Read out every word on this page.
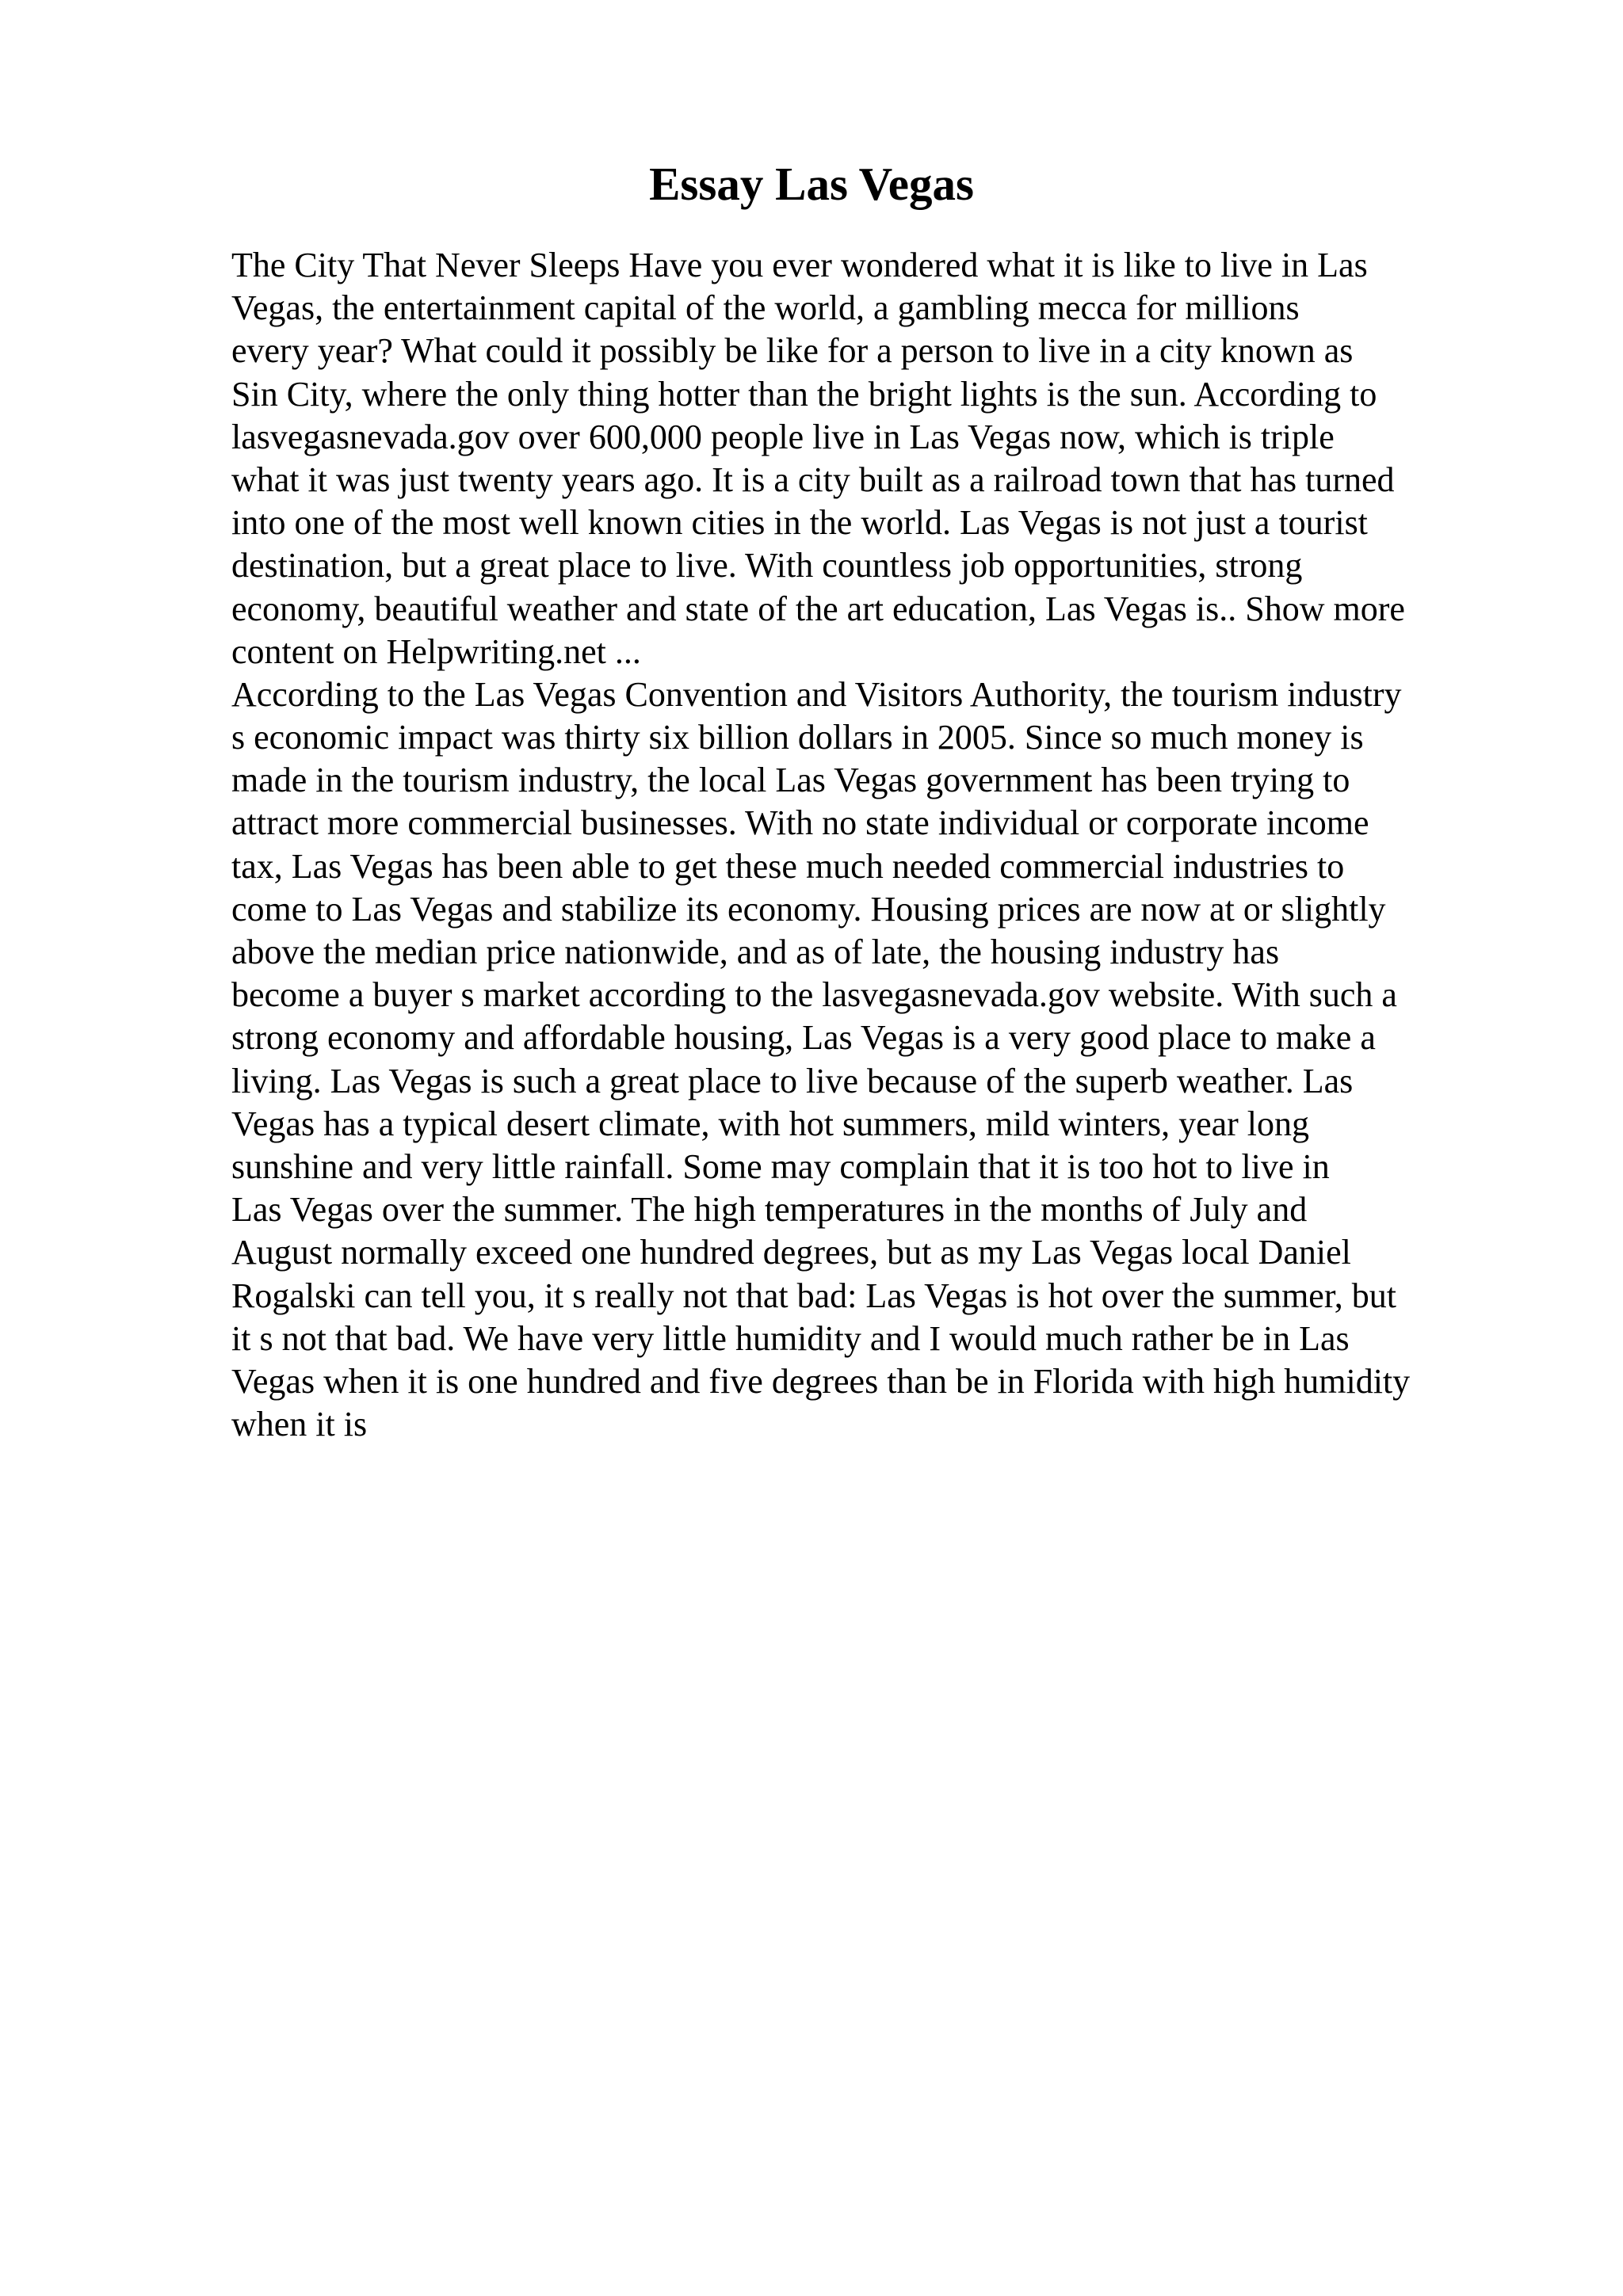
Essay Las Vegas
The City That Never Sleeps Have you ever wondered what it is like to live in Las
Vegas, the entertainment capital of the world, a gambling mecca for millions
every year? What could it possibly be like for a person to live in a city known as
Sin City, where the only thing hotter than the bright lights is the sun. According to
lasvegasnevada.gov over 600,000 people live in Las Vegas now, which is triple
what it was just twenty years ago. It is a city built as a railroad town that has turned
into one of the most well known cities in the world. Las Vegas is not just a tourist
destination, but a great place to live. With countless job opportunities, strong
economy, beautiful weather and state of the art education, Las Vegas is.. Show more
content on Helpwriting.net ...
According to the Las Vegas Convention and Visitors Authority, the tourism industry
s economic impact was thirty six billion dollars in 2005. Since so much money is
made in the tourism industry, the local Las Vegas government has been trying to
attract more commercial businesses. With no state individual or corporate income
tax, Las Vegas has been able to get these much needed commercial industries to
come to Las Vegas and stabilize its economy. Housing prices are now at or slightly
above the median price nationwide, and as of late, the housing industry has
become a buyer s market according to the lasvegasnevada.gov website. With such a
strong economy and affordable housing, Las Vegas is a very good place to make a
living. Las Vegas is such a great place to live because of the superb weather. Las
Vegas has a typical desert climate, with hot summers, mild winters, year long
sunshine and very little rainfall. Some may complain that it is too hot to live in
Las Vegas over the summer. The high temperatures in the months of July and
August normally exceed one hundred degrees, but as my Las Vegas local Daniel
Rogalski can tell you, it s really not that bad: Las Vegas is hot over the summer, but
it s not that bad. We have very little humidity and I would much rather be in Las
Vegas when it is one hundred and five degrees than be in Florida with high humidity
when it is
